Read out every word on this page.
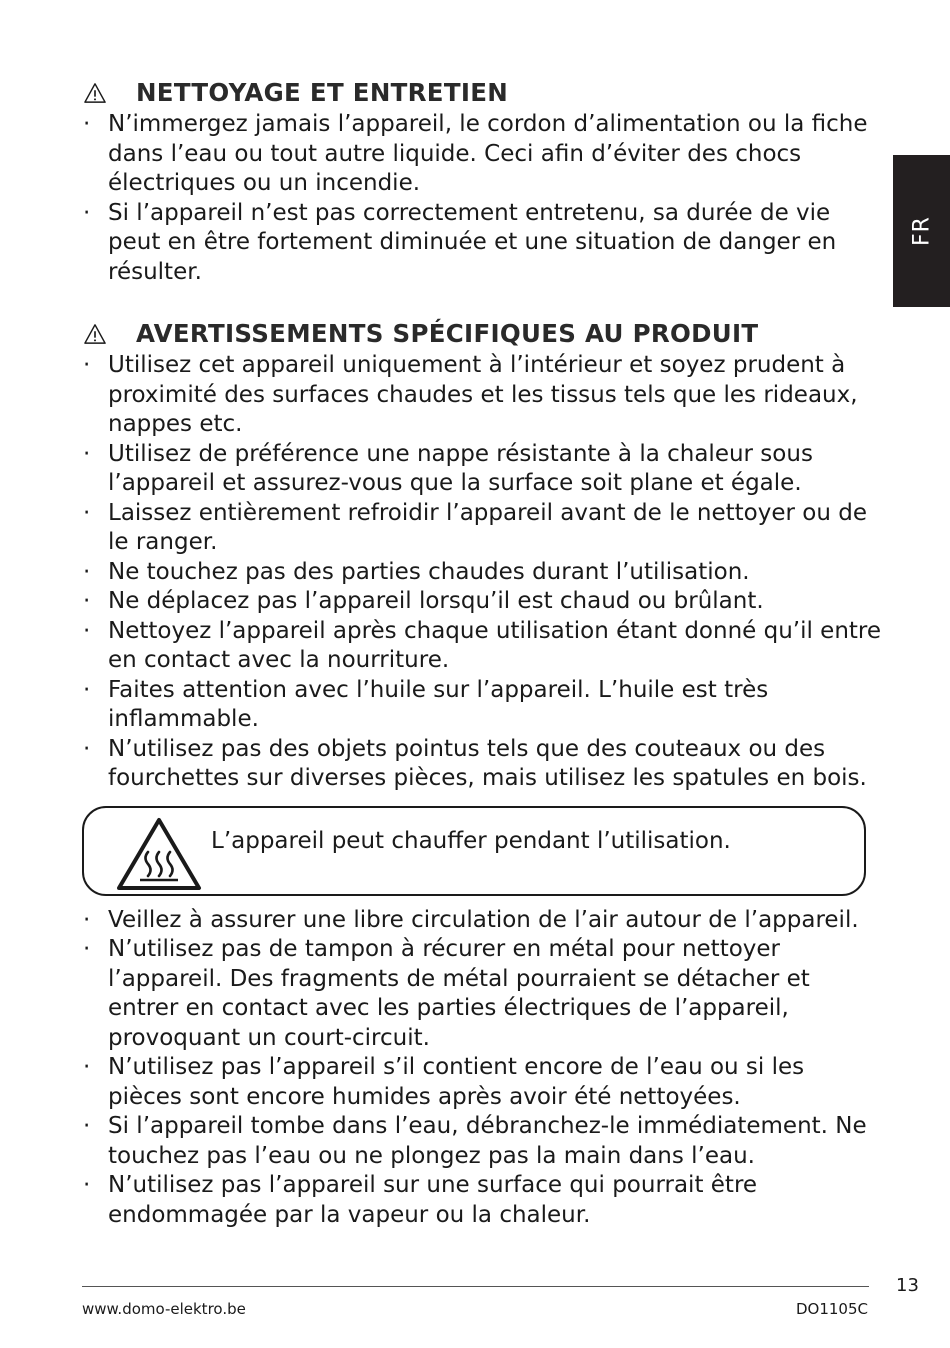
FR
NETTOYAGE ET ENTRETIEN
· N’immergez jamais l’appareil, le cordon d’alimentation ou la fiche dans l’eau ou tout autre liquide. Ceci afin d’éviter des chocs électriques ou un incendie.
· Si l’appareil n’est pas correctement entretenu, sa durée de vie peut en être fortement diminuée et une situation de danger en résulter.
AVERTISSEMENTS SPÉCIFIQUES AU PRODUIT
· Utilisez cet appareil uniquement à l’intérieur et soyez prudent à proximité des surfaces chaudes et les tissus tels que les rideaux, nappes etc.
· Utilisez de préférence une nappe résistante à la chaleur sous l’appareil et assurez-vous que la surface soit plane et égale.
· Laissez entièrement refroidir l’appareil avant de le nettoyer ou de le ranger.
· Ne touchez pas des parties chaudes durant l’utilisation.
· Ne déplacez pas l’appareil lorsqu’il est chaud ou brûlant.
· Nettoyez l’appareil après chaque utilisation étant donné qu’il entre en contact avec la nourriture.
· Faites attention avec l’huile sur l’appareil. L’huile est très inflammable.
· N’utilisez pas des objets pointus tels que des couteaux ou des fourchettes sur diverses pièces, mais utilisez les spatules en bois.
L’appareil peut chauffer pendant l’utilisation.
· Veillez à assurer une libre circulation de l’air autour de l’appareil.
· N’utilisez pas de tampon à récurer en métal pour nettoyer l’appareil. Des fragments de métal pourraient se détacher et entrer en contact avec les parties électriques de l’appareil, provoquant un court-circuit.
· N’utilisez pas l’appareil s’il contient encore de l’eau ou si les pièces sont encore humides après avoir été nettoyées.
· Si l’appareil tombe dans l’eau, débranchez-le immédiatement. Ne touchez pas l’eau ou ne plongez pas la main dans l’eau.
· N’utilisez pas l’appareil sur une surface qui pourrait être endommagée par la vapeur ou la chaleur.
13
www.domo-elektro.be	DO1105C
